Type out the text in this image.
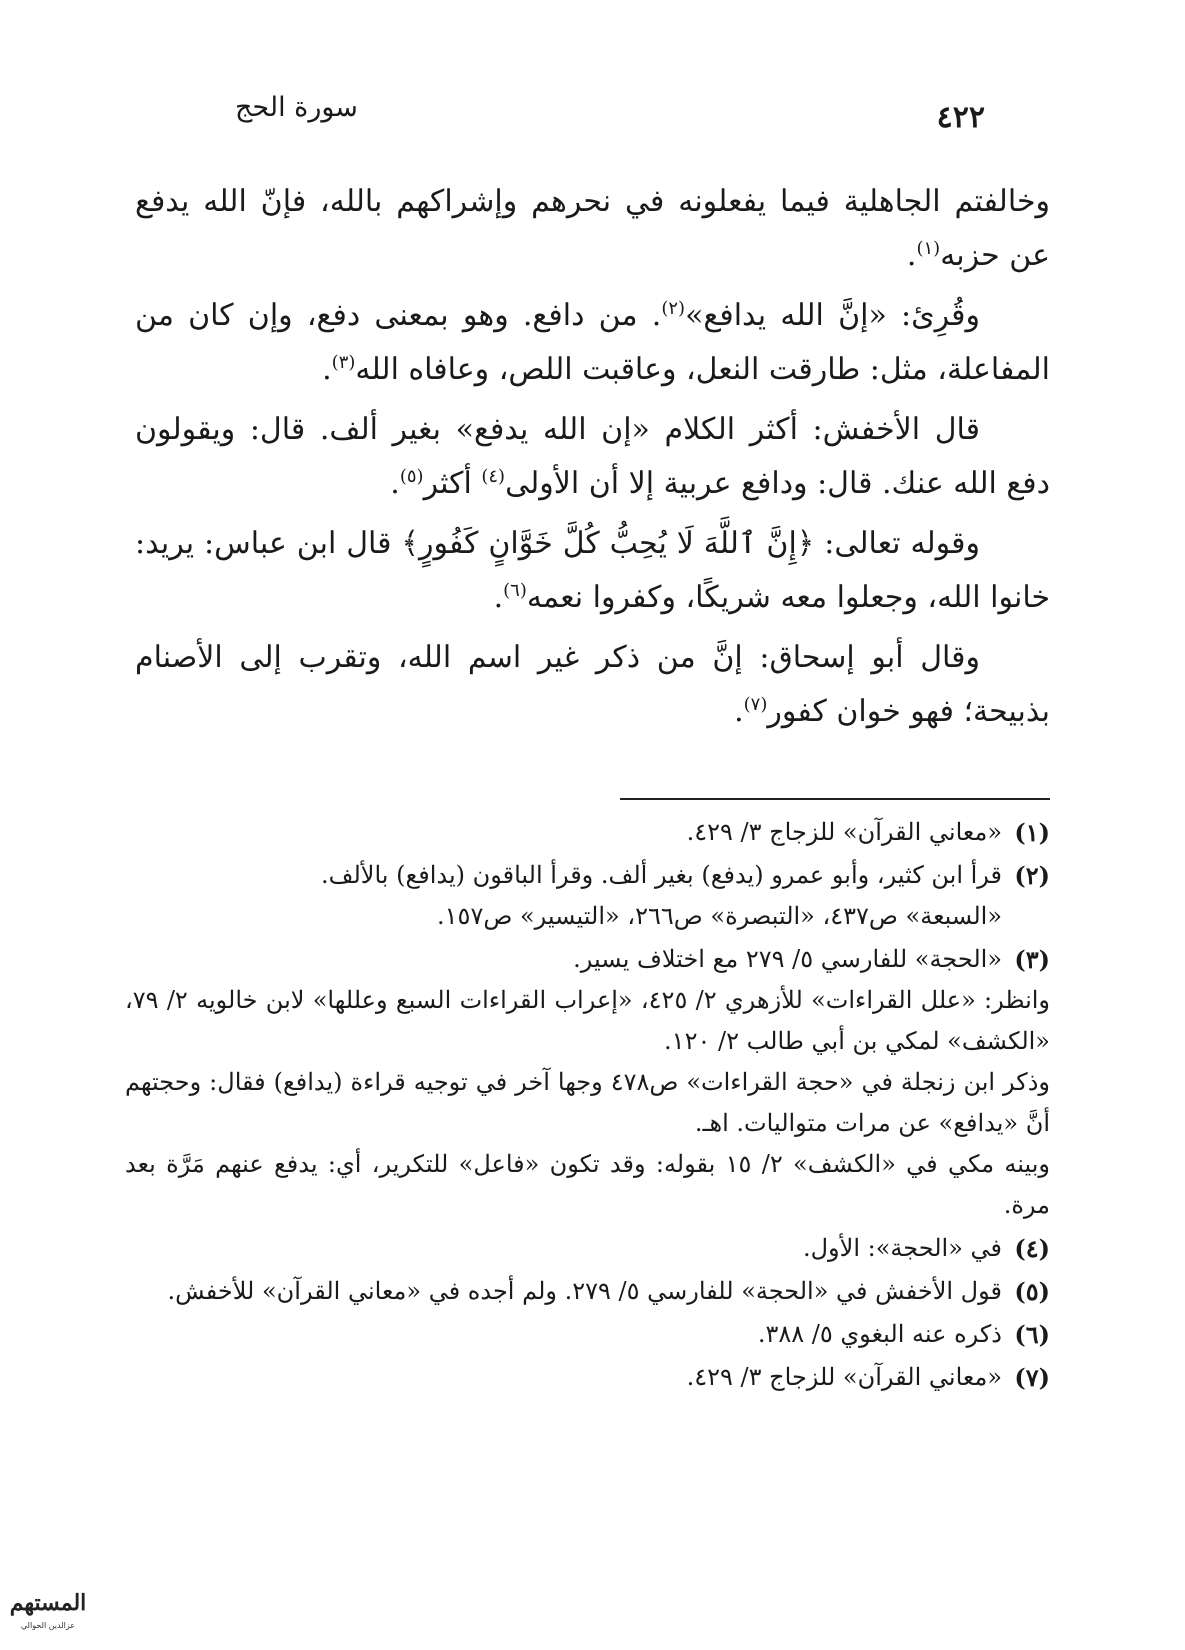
٤٢٢
سورة الحج

وخالفتم الجاهلية فيما يفعلونه في نحرهم وإشراكهم بالله، فإنّ الله يدفع عن حزبه$^{(١)}$.

وقُرِئ: «إنَّ الله يدافع»$^{(٢)}$. من دافع. وهو بمعنى دفع، وإن كان من المفاعلة، مثل: طارقت النعل، وعاقبت اللص، وعافاه الله$^{(٣)}$.

قال الأخفش: أكثر الكلام «إن الله يدفع» بغير ألف. قال: ويقولون دفع الله عنك. قال: ودافع عربية إلا أن الأولى$^{(٤)}$ أكثر$^{(٥)}$.

وقوله تعالى: ﴿إِنَّ ٱللَّهَ لَا يُحِبُّ كُلَّ خَوَّانٍ كَفُورٍ﴾ قال ابن عباس: يريد: خانوا الله، وجعلوا معه شريكًا، وكفروا نعمه$^{(٦)}$.

وقال أبو إسحاق: إنَّ من ذكر غير اسم الله، وتقرب إلى الأصنام بذبيحة؛ فهو خوان كفور$^{(٧)}$.

(١)
«معاني القرآن» للزجاج ٣/ ٤٢٩.
(٢)
قرأ ابن كثير، وأبو عمرو (يدفع) بغير ألف. وقرأ الباقون (يدافع) بالألف.
«السبعة» ص٤٣٧، «التبصرة» ص٢٦٦، «التيسير» ص١٥٧.
(٣)
«الحجة» للفارسي ٥/ ٢٧٩ مع اختلاف يسير.
وانظر: «علل القراءات» للأزهري ٢/ ٤٢٥، «إعراب القراءات السبع وعللها» لابن خالويه ٢/ ٧٩، «الكشف» لمكي بن أبي طالب ٢/ ١٢٠.
وذكر ابن زنجلة في «حجة القراءات» ص٤٧٨ وجها آخر في توجيه قراءة (يدافع) فقال: وحجتهم أنَّ «يدافع» عن مرات متواليات. اهـ.
وبينه مكي في «الكشف» ٢/ ١٥ بقوله: وقد تكون «فاعل» للتكرير، أي: يدفع عنهم مَرَّة بعد مرة.
(٤)
في «الحجة»: الأول.
(٥)
قول الأخفش في «الحجة» للفارسي ٥/ ٢٧٩. ولم أجده في «معاني القرآن» للأخفش.
(٦)
ذكره عنه البغوي ٥/ ٣٨٨.
(٧)
«معاني القرآن» للزجاج ٣/ ٤٢٩.
المستهم
عزالدين الحوالي
